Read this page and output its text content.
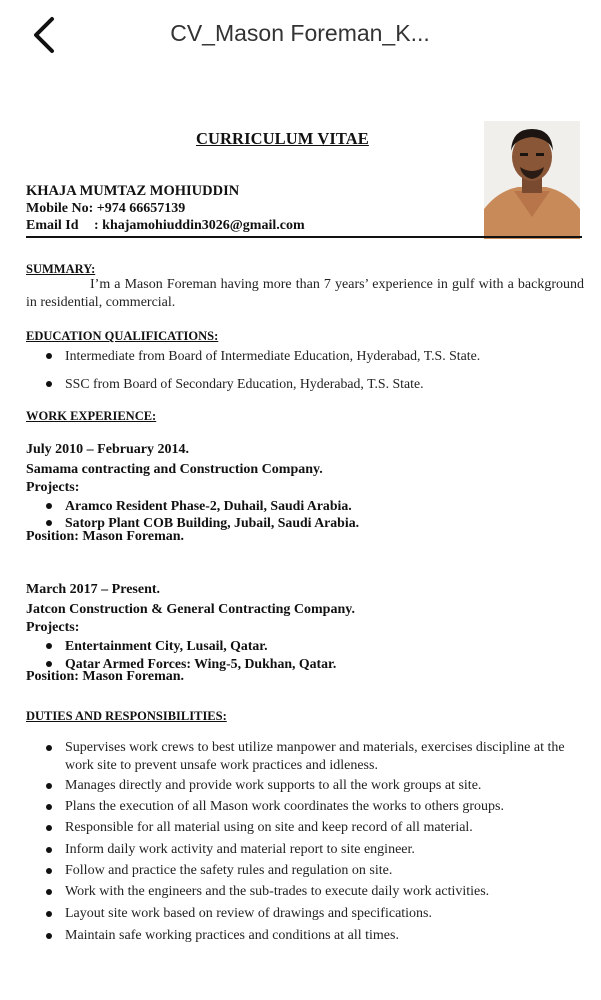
CV_Mason Foreman_K...
CURRICULUM VITAE
KHAJA MUMTAZ MOHIUDDIN
Mobile No: +974 66657139
Email Id : khajamohiuddin3026@gmail.com
SUMMARY:
I’m a Mason Foreman having more than 7 years’ experience in gulf with a background in residential, commercial.
EDUCATION QUALIFICATIONS:
Intermediate from Board of Intermediate Education, Hyderabad, T.S. State.
SSC from Board of Secondary Education, Hyderabad, T.S. State.
WORK EXPERIENCE:
July 2010 – February 2014.
Samama contracting and Construction Company.
Projects:
Aramco Resident Phase-2, Duhail, Saudi Arabia.
Satorp Plant COB Building, Jubail, Saudi Arabia.
Position: Mason Foreman.
March 2017 – Present.
Jatcon Construction & General Contracting Company.
Projects:
Entertainment City, Lusail, Qatar.
Qatar Armed Forces: Wing-5, Dukhan, Qatar.
Position: Mason Foreman.
DUTIES AND RESPONSIBILITIES:
Supervises work crews to best utilize manpower and materials, exercises discipline at the work site to prevent unsafe work practices and idleness.
Manages directly and provide work supports to all the work groups at site.
Plans the execution of all Mason work coordinates the works to others groups.
Responsible for all material using on site and keep record of all material.
Inform daily work activity and material report to site engineer.
Follow and practice the safety rules and regulation on site.
Work with the engineers and the sub-trades to execute daily work activities.
Layout site work based on review of drawings and specifications.
Maintain safe working practices and conditions at all times.
